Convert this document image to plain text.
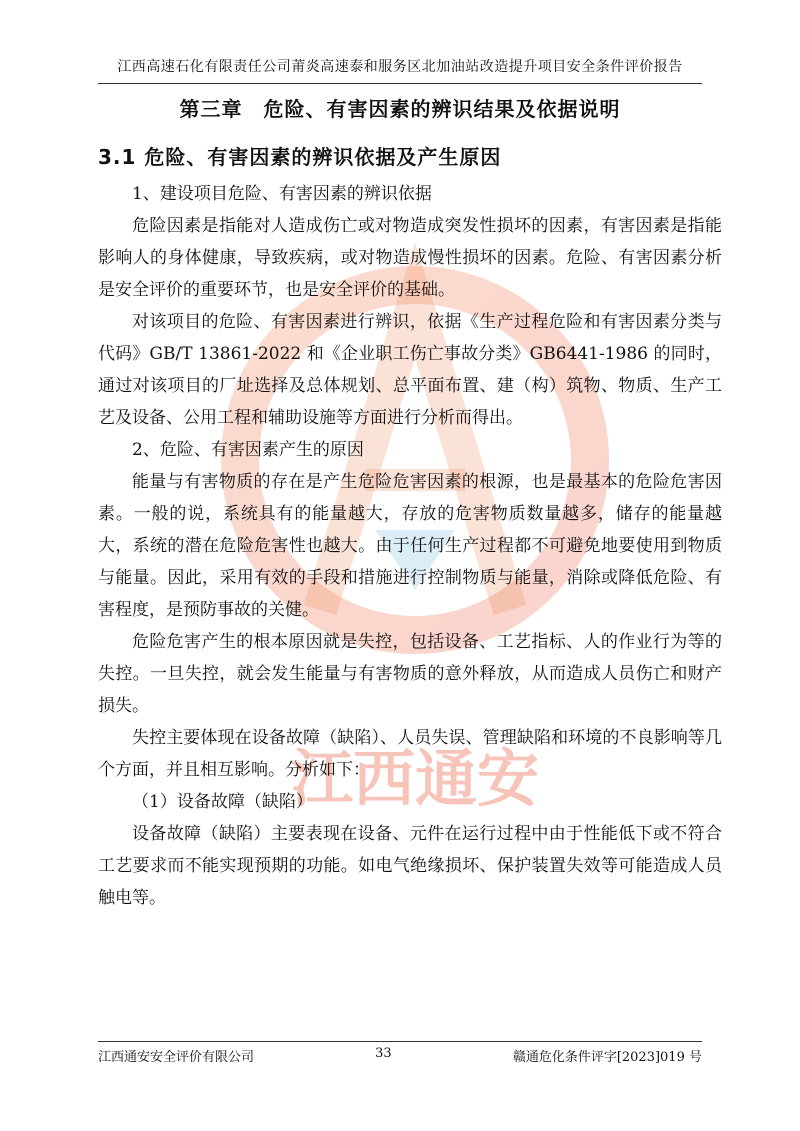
江西通安
江西高速石化有限责任公司莆炎高速泰和服务区北加油站改造提升项目安全条件评价报告
第三章　危险、有害因素的辨识结果及依据说明
3.1 危险、有害因素的辨识依据及产生原因

1、建设项目危险、有害因素的辨识依据

危险因素是指能对人造成伤亡或对物造成突发性损坏的因素，有害因素是指能影响人的身体健康，导致疾病，或对物造成慢性损坏的因素。危险、有害因素分析是安全评价的重要环节，也是安全评价的基础。

对该项目的危险、有害因素进行辨识，依据《生产过程危险和有害因素分类与代码》GB/T 13861-2022 和《企业职工伤亡事故分类》GB6441-1986 的同时，通过对该项目的厂址选择及总体规划、总平面布置、建（构）筑物、物质、生产工艺及设备、公用工程和辅助设施等方面进行分析而得出。

2、危险、有害因素产生的原因

能量与有害物质的存在是产生危险危害因素的根源，也是最基本的危险危害因素。一般的说，系统具有的能量越大，存放的危害物质数量越多，储存的能量越大，系统的潜在危险危害性也越大。由于任何生产过程都不可避免地要使用到物质与能量。因此，采用有效的手段和措施进行控制物质与能量，消除或降低危险、有害程度，是预防事故的关健。

危险危害产生的根本原因就是失控，包括设备、工艺指标、人的作业行为等的失控。一旦失控，就会发生能量与有害物质的意外释放，从而造成人员伤亡和财产损失。

失控主要体现在设备故障（缺陷）、人员失误、管理缺陷和环境的不良影响等几个方面，并且相互影响。分析如下：

（1）设备故障（缺陷）

设备故障（缺陷）主要表现在设备、元件在运行过程中由于性能低下或不符合工艺要求而不能实现预期的功能。如电气绝缘损坏、保护装置失效等可能造成人员触电等。

江西通安安全评价有限公司	33	赣通危化条件评字[2023]019 号
